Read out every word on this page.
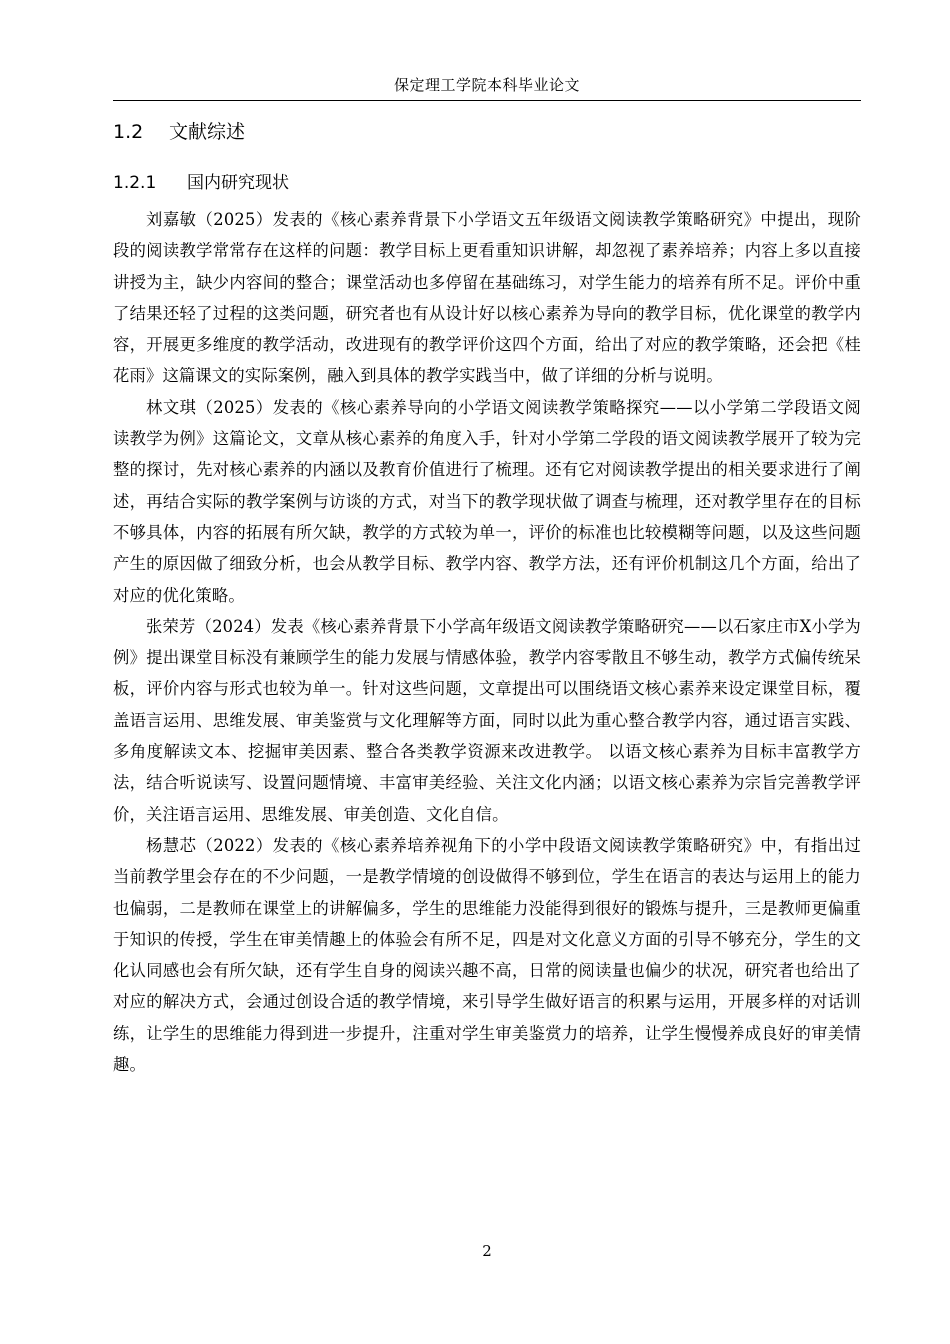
保定理工学院本科毕业论文
1.2 文献综述
1.2.1 国内研究现状

刘嘉敏（2025）发表的《核心素养背景下小学语文五年级语文阅读教学策略研究》中提出，现阶段的阅读教学常常存在这样的问题：教学目标上更看重知识讲解，却忽视了素养培养；内容上多以直接讲授为主，缺少内容间的整合；课堂活动也多停留在基础练习，对学生能力的培养有所不足。评价中重了结果还轻了过程的这类问题，研究者也有从设计好以核心素养为导向的教学目标，优化课堂的教学内容，开展更多维度的教学活动，改进现有的教学评价这四个方面，给出了对应的教学策略，还会把《桂花雨》这篇课文的实际案例，融入到具体的教学实践当中，做了详细的分析与说明。

林文琪（2025）发表的《核心素养导向的小学语文阅读教学策略探究——以小学第二学段语文阅读教学为例》这篇论文，文章从核心素养的角度入手，针对小学第二学段的语文阅读教学展开了较为完整的探讨，先对核心素养的内涵以及教育价值进行了梳理。还有它对阅读教学提出的相关要求进行了阐述，再结合实际的教学案例与访谈的方式，对当下的教学现状做了调查与梳理，还对教学里存在的目标不够具体，内容的拓展有所欠缺，教学的方式较为单一，评价的标准也比较模糊等问题，以及这些问题产生的原因做了细致分析，也会从教学目标、教学内容、教学方法，还有评价机制这几个方面，给出了对应的优化策略。

张荣芳（2024）发表《核心素养背景下小学高年级语文阅读教学策略研究——以石家庄市X小学为例》提出课堂目标没有兼顾学生的能力发展与情感体验，教学内容零散且不够生动，教学方式偏传统呆板，评价内容与形式也较为单一。针对这些问题，文章提出可以围绕语文核心素养来设定课堂目标，覆盖语言运用、思维发展、审美鉴赏与文化理解等方面，同时以此为重心整合教学内容，通过语言实践、多角度解读文本、挖掘审美因素、整合各类教学资源来改进教学。 以语文核心素养为目标丰富教学方法，结合听说读写、设置问题情境、丰富审美经验、关注文化内涵；以语文核心素养为宗旨完善教学评价，关注语言运用、思维发展、审美创造、文化自信。

杨慧芯（2022）发表的《核心素养培养视角下的小学中段语文阅读教学策略研究》中，有指出过当前教学里会存在的不少问题，一是教学情境的创设做得不够到位，学生在语言的表达与运用上的能力也偏弱，二是教师在课堂上的讲解偏多，学生的思维能力没能得到很好的锻炼与提升，三是教师更偏重于知识的传授，学生在审美情趣上的体验会有所不足，四是对文化意义方面的引导不够充分，学生的文化认同感也会有所欠缺，还有学生自身的阅读兴趣不高，日常的阅读量也偏少的状况，研究者也给出了对应的解决方式，会通过创设合适的教学情境，来引导学生做好语言的积累与运用，开展多样的对话训练，让学生的思维能力得到进一步提升，注重对学生审美鉴赏力的培养，让学生慢慢养成良好的审美情趣。

2
